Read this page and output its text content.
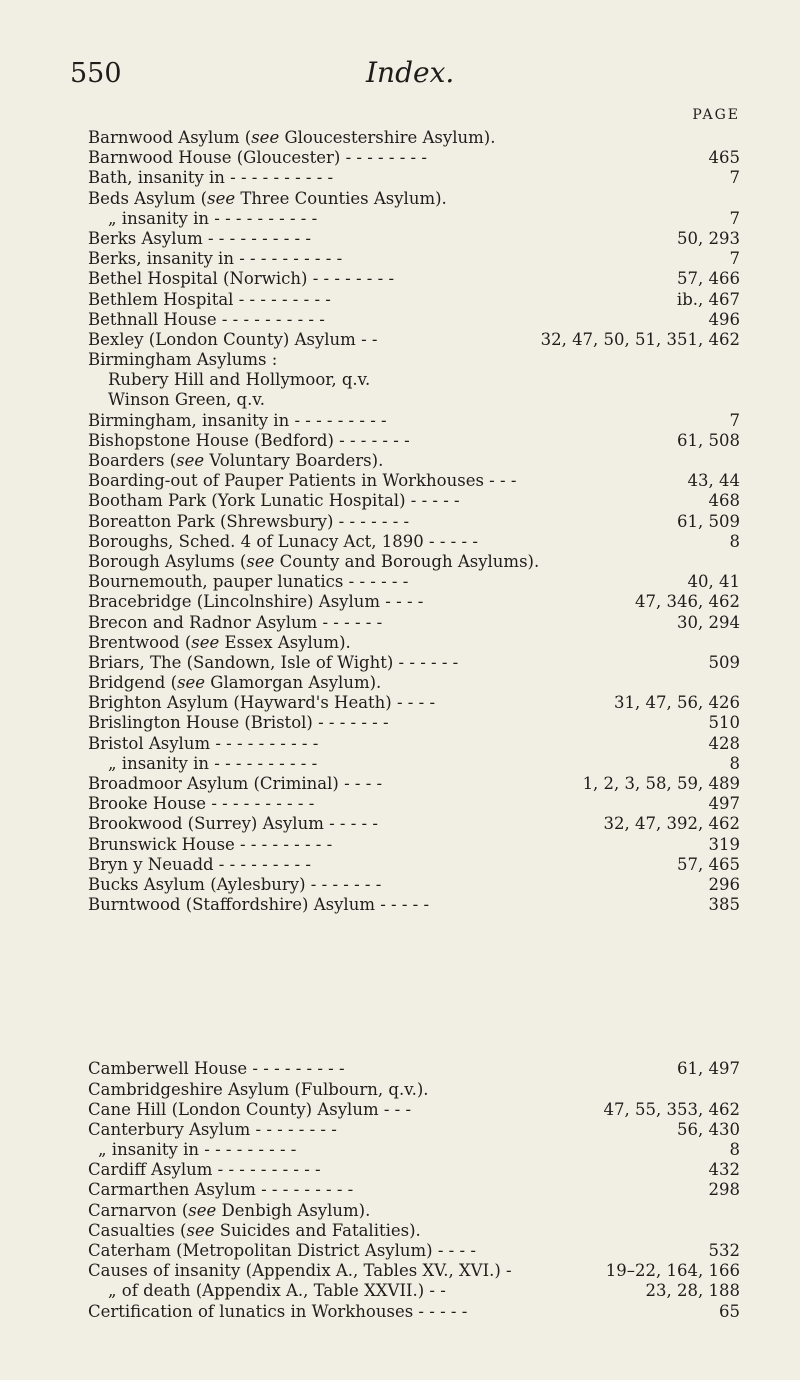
550	Index.
PAGE
Barnwood Asylum (see Gloucestershire Asylum).
Barnwood House (Gloucester) - - - - - - - -	465
Bath, insanity in - - - - - - - - - -	7
Beds Asylum (see Three Counties Asylum).
„ insanity in - - - - - - - - - -	7
Berks Asylum - - - - - - - - - -	50, 293
Berks, insanity in - - - - - - - - - -	7
Bethel Hospital (Norwich) - - - - - - - -	57, 466
Bethlem Hospital - - - - - - - - -	ib., 467
Bethnall House - - - - - - - - - -	496
Bexley (London County) Asylum - -	32, 47, 50, 51, 351, 462
Birmingham Asylums :
Rubery Hill and Hollymoor, q.v.
Winson Green, q.v.
Birmingham, insanity in - - - - - - - - -	7
Bishopstone House (Bedford) - - - - - - -	61, 508
Boarders (see Voluntary Boarders).
Boarding-out of Pauper Patients in Workhouses - - -	43, 44
Bootham Park (York Lunatic Hospital) - - - - -	468
Boreatton Park (Shrewsbury) - - - - - - -	61, 509
Boroughs, Sched. 4 of Lunacy Act, 1890 - - - - -	8
Borough Asylums (see County and Borough Asylums).
Bournemouth, pauper lunatics - - - - - -	40, 41
Bracebridge (Lincolnshire) Asylum - - - -	47, 346, 462
Brecon and Radnor Asylum - - - - - -	30, 294
Brentwood (see Essex Asylum).
Briars, The (Sandown, Isle of Wight) - - - - - -	509
Bridgend (see Glamorgan Asylum).
Brighton Asylum (Hayward's Heath) - - - -	31, 47, 56, 426
Brislington House (Bristol) - - - - - - -	510
Bristol Asylum - - - - - - - - - -	428
„ insanity in - - - - - - - - - -	8
Broadmoor Asylum (Criminal) - - - -	1, 2, 3, 58, 59, 489
Brooke House - - - - - - - - - -	497
Brookwood (Surrey) Asylum - - - - -	32, 47, 392, 462
Brunswick House - - - - - - - - -	319
Bryn y Neuadd - - - - - - - - -	57, 465
Bucks Asylum (Aylesbury) - - - - - - -	296
Burntwood (Staffordshire) Asylum - - - - -	385
Camberwell House - - - - - - - - -	61, 497
Cambridgeshire Asylum (Fulbourn, q.v.).
Cane Hill (London County) Asylum - - -	47, 55, 353, 462
Canterbury Asylum - - - - - - - -	56, 430
„ insanity in - - - - - - - - -	8
Cardiff Asylum - - - - - - - - - -	432
Carmarthen Asylum - - - - - - - - -	298
Carnarvon (see Denbigh Asylum).
Casualties (see Suicides and Fatalities).
Caterham (Metropolitan District Asylum) - - - -	532
Causes of insanity (Appendix A., Tables XV., XVI.) -	19–22, 164, 166
„ of death (Appendix A., Table XXVII.) - -	23, 28, 188
Certification of lunatics in Workhouses - - - - -	65
